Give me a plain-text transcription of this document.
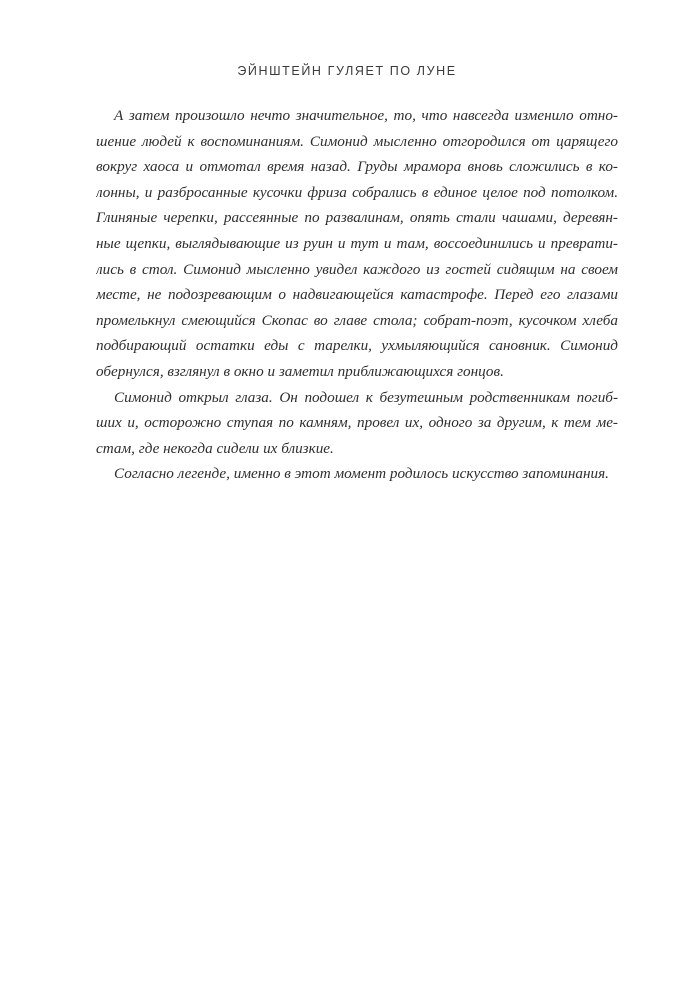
ЭЙНШТЕЙН ГУЛЯЕТ ПО ЛУНЕ
А затем произошло нечто значительное, то, что навсегда изменило отно-
шение людей к воспоминаниям. Симонид мысленно отгородился от царящего
вокруг хаоса и отмотал время назад. Груды мрамора вновь сложились в ко-
лонны, и разбросанные кусочки фриза собрались в единое целое под потолком.
Глиняные черепки, рассеянные по развалинам, опять стали чашами, деревян-
ные щепки, выглядывающие из руин и тут и там, воссоединились и преврати-
лись в стол. Симонид мысленно увидел каждого из гостей сидящим на своем
месте, не подозревающим о надвигающейся катастрофе. Перед его глазами
промелькнул смеющийся Скопас во главе стола; собрат-поэт, кусочком хлеба
подбирающий остатки еды с тарелки, ухмыляющийся сановник. Симонид
обернулся, взглянул в окно и заметил приближающихся гонцов.
Симонид открыл глаза. Он подошел к безутешным родственникам погиб-
ших и, осторожно ступая по камням, провел их, одного за другим, к тем ме-
стам, где некогда сидели их близкие.
Согласно легенде, именно в этот момент родилось искусство запоминания.
